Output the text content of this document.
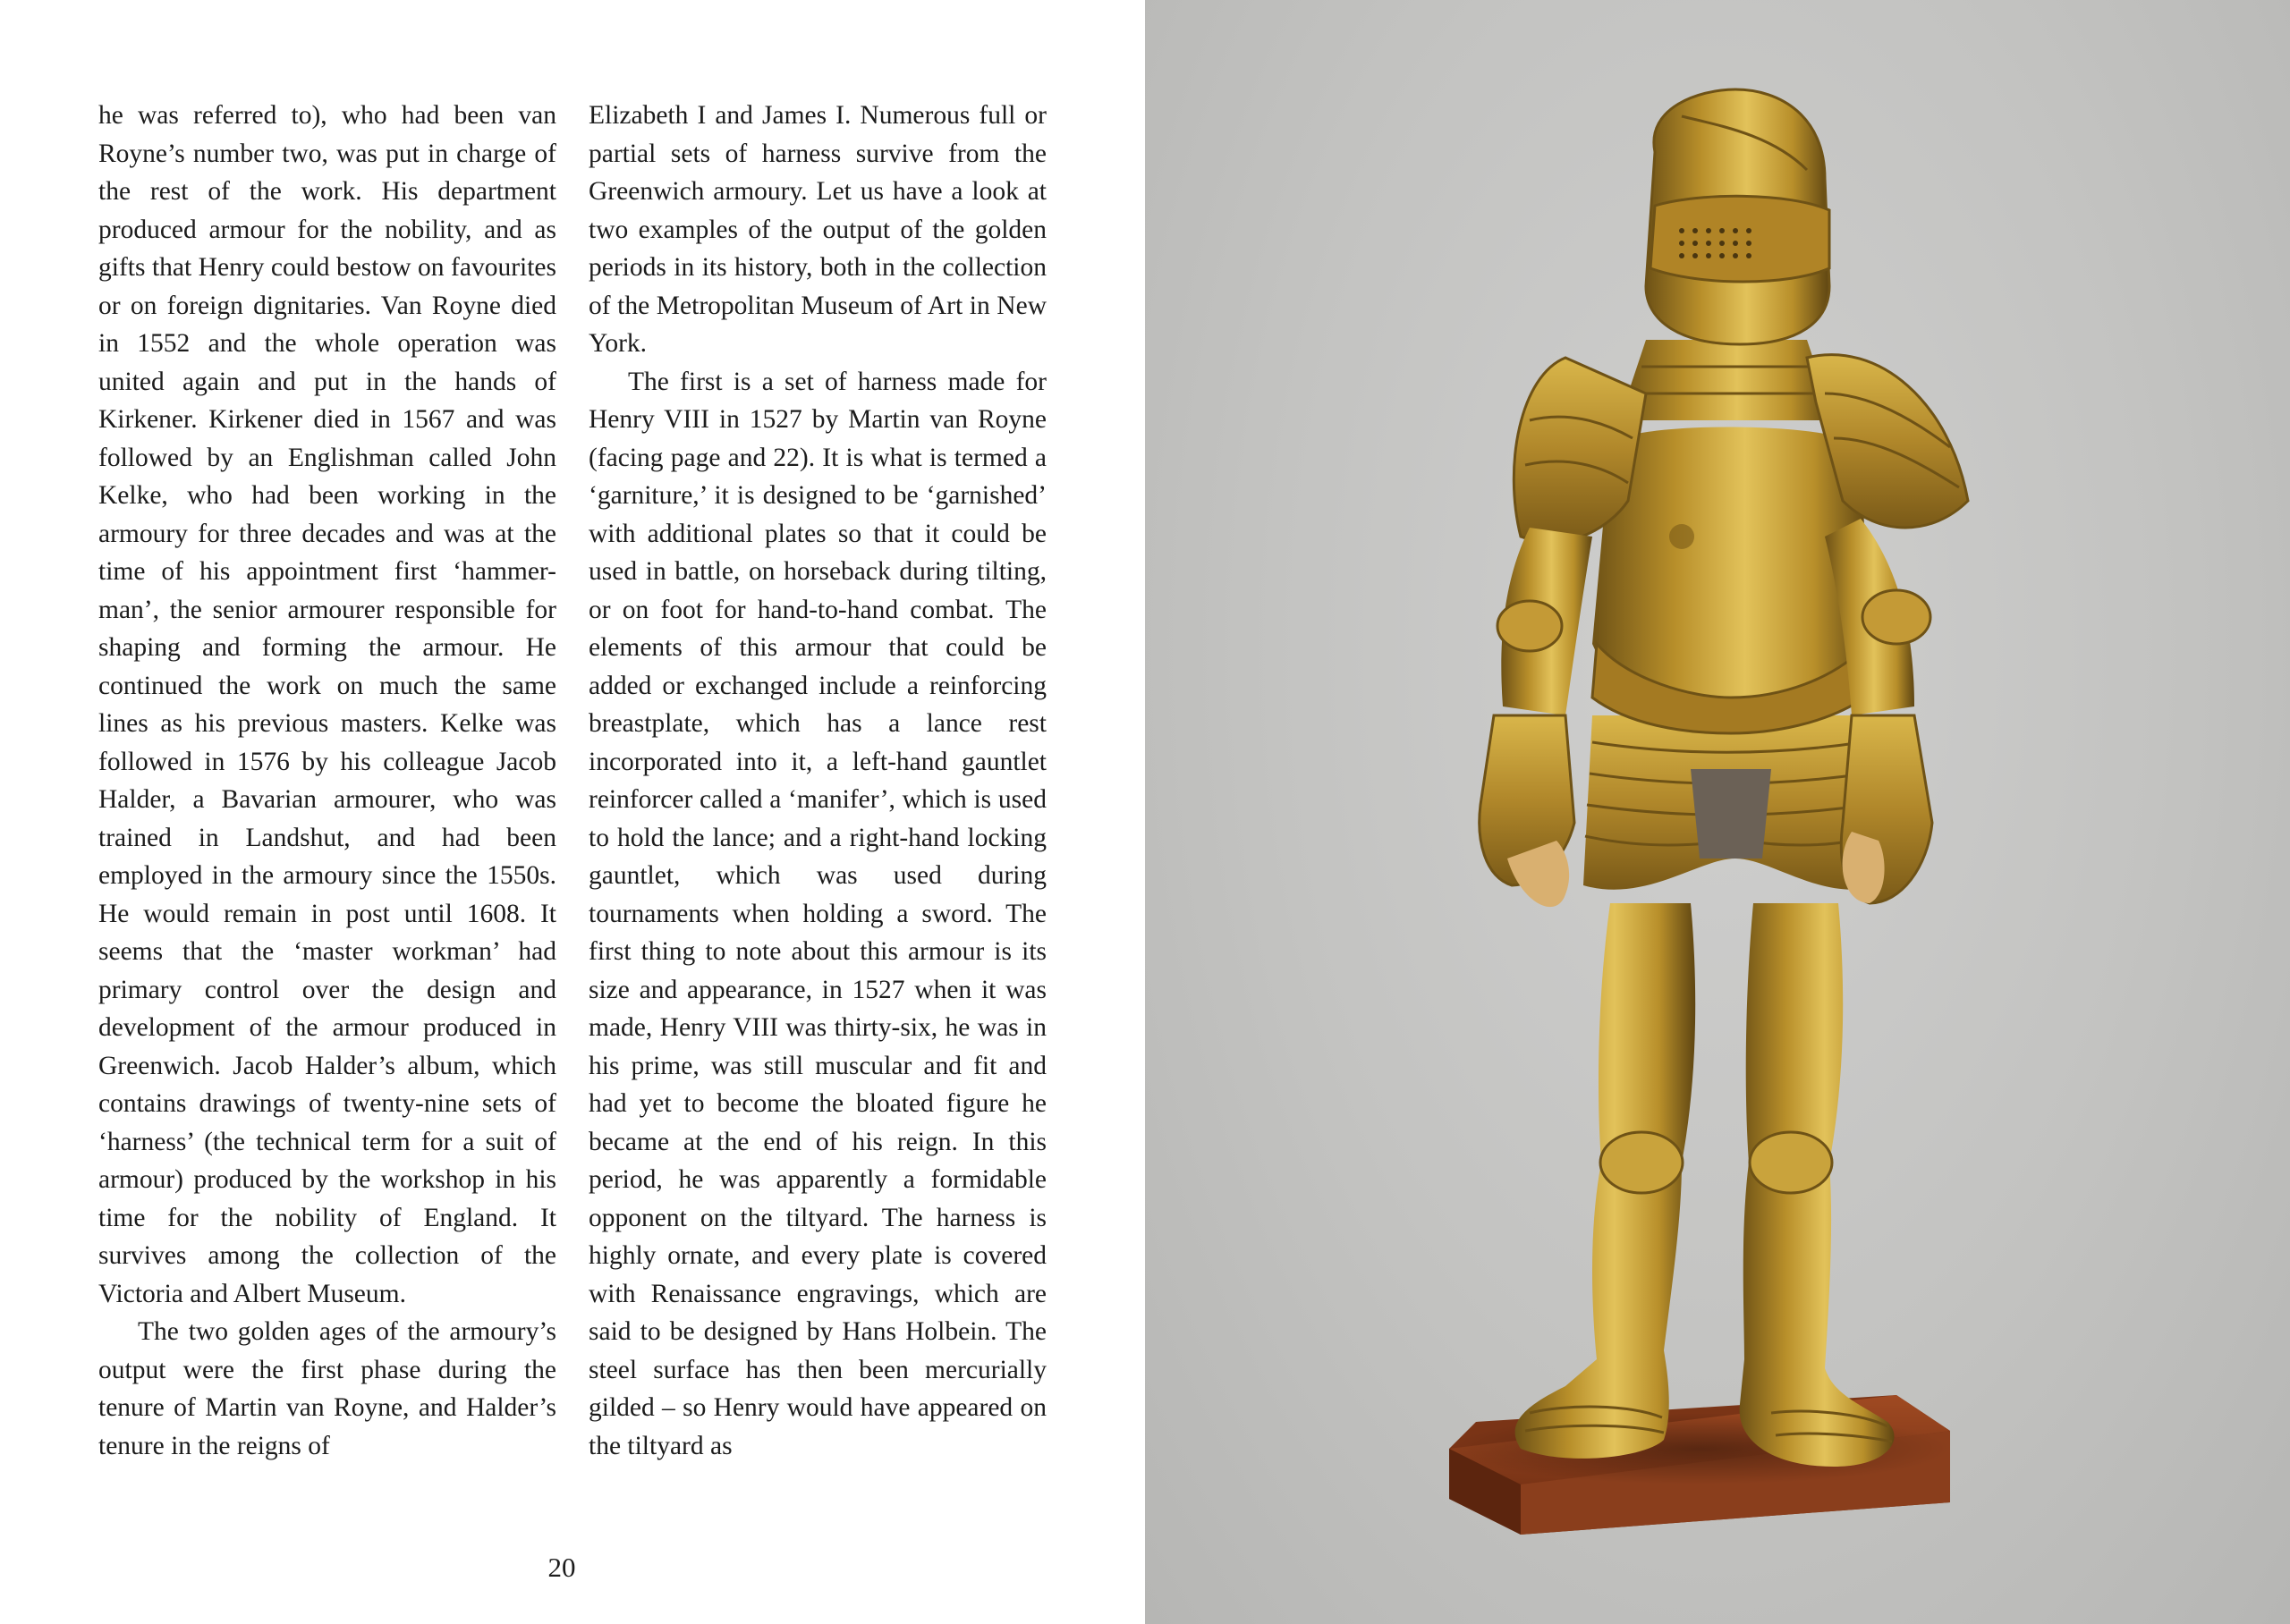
he was referred to), who had been van Royne’s number two, was put in charge of the rest of the work. His department produced armour for the nobility, and as gifts that Henry could bestow on favourites or on foreign dignitaries. Van Royne died in 1552 and the whole operation was united again and put in the hands of Kirkener. Kirkener died in 1567 and was followed by an Englishman called John Kelke, who had been working in the armoury for three decades and was at the time of his appointment first ‘hammer-man’, the senior armourer responsible for shaping and forming the armour. He continued the work on much the same lines as his previous masters. Kelke was followed in 1576 by his colleague Jacob Halder, a Bavarian armourer, who was trained in Landshut, and had been employed in the armoury since the 1550s. He would remain in post until 1608. It seems that the ‘master workman’ had primary control over the design and development of the armour produced in Greenwich. Jacob Halder’s album, which contains drawings of twenty-nine sets of ‘harness’ (the technical term for a suit of armour) produced by the workshop in his time for the nobility of England. It survives among the collection of the Victoria and Albert Museum.

The two golden ages of the armoury’s output were the first phase during the tenure of Martin van Royne, and Halder’s tenure in the reigns of

Elizabeth I and James I. Numerous full or partial sets of harness survive from the Greenwich armoury. Let us have a look at two examples of the output of the golden periods in its history, both in the collection of the Metropolitan Museum of Art in New York.

The first is a set of harness made for Henry VIII in 1527 by Martin van Royne (facing page and 22). It is what is termed a ‘garniture,’ it is designed to be ‘garnished’ with additional plates so that it could be used in battle, on horseback during tilting, or on foot for hand-to-hand combat. The elements of this armour that could be added or exchanged include a reinforcing breastplate, which has a lance rest incorporated into it, a left-hand gauntlet reinforcer called a ‘manifer’, which is used to hold the lance; and a right-hand locking gauntlet, which was used during tournaments when holding a sword. The first thing to note about this armour is its size and appearance, in 1527 when it was made, Henry VIII was thirty-six, he was in his prime, was still muscular and fit and had yet to become the bloated figure he became at the end of his reign. In this period, he was apparently a formidable opponent on the tiltyard. The harness is highly ornate, and every plate is covered with Renaissance engravings, which are said to be designed by Hans Holbein. The steel surface has then been mercurially gilded – so Henry would have appeared on the tiltyard as

20
